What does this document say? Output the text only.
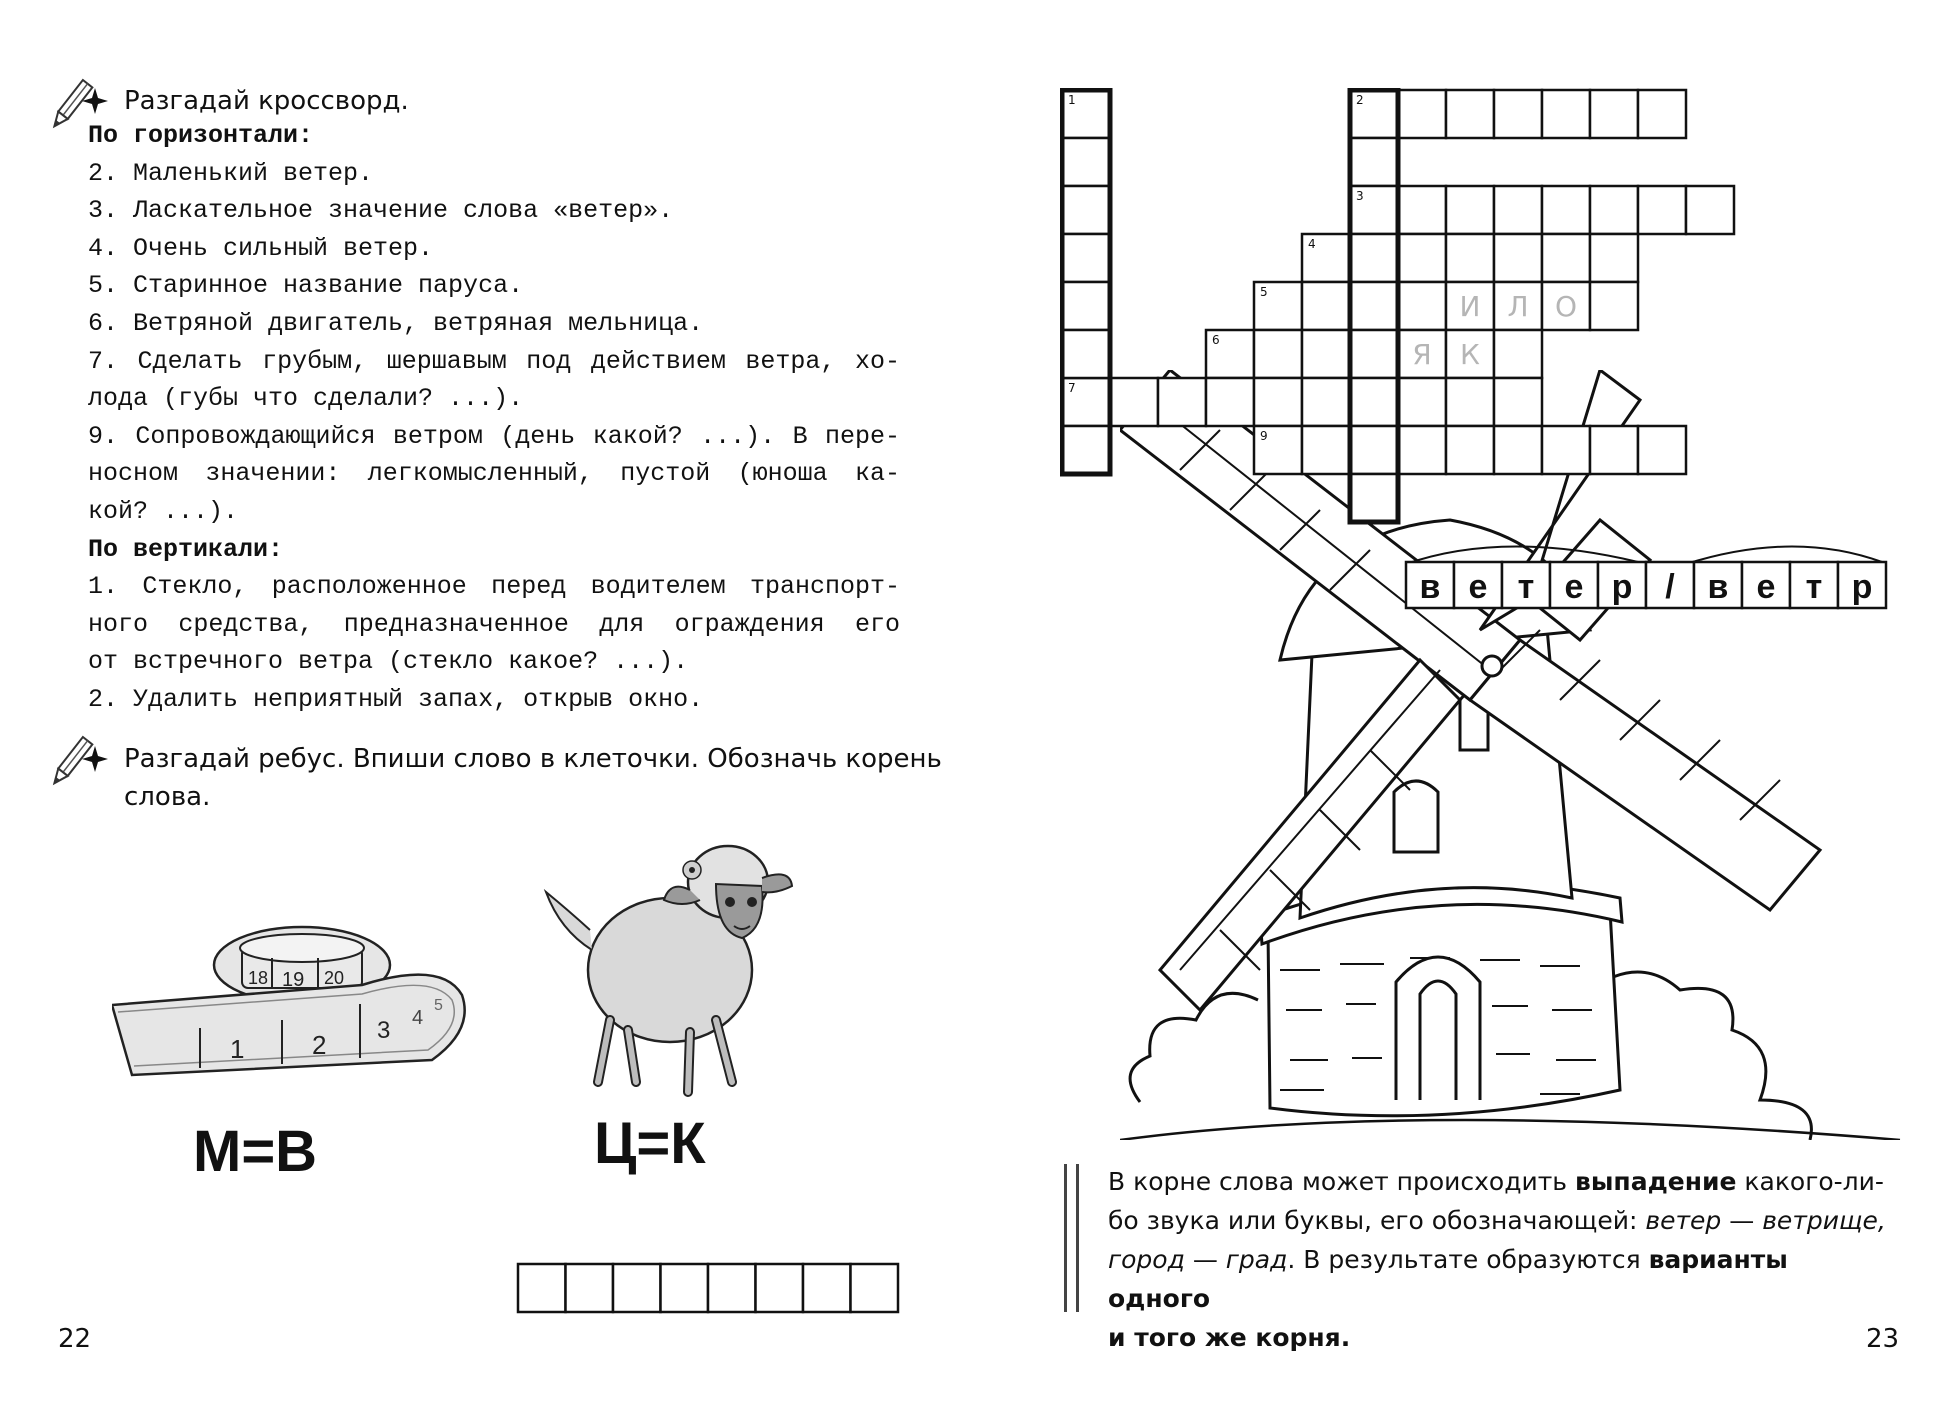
Разгадай кроссворд.
По горизонтали:
2. Маленький ветер.
3. Ласкательное значение слова «ветер».
4. Очень сильный ветер.
5. Старинное название паруса.
6. Ветряной двигатель, ветряная мельница.
7. Сделать грубым, шершавым под действием ветра, хо-
лода (губы что сделали? ...).
9. Сопровождающийся ветром (день какой? ...). В пере-
носном значении: легкомысленный, пустой (юноша ка-
кой? ...).
По вертикали:
1. Стекло, расположенное перед водителем транспорт-
ного средства, предназначенное для ограждения его
от встречного ветра (стекло какое? ...).
2. Удалить неприятный запах, открыв окно.
Разгадай ребус. Впиши слово в клеточки. Обозначь корень
слова.
1	2 3 4
5
18 19 20
М=В	Ц=К
22
1	2
3
4
5
6
7
9
И Л О
Я К
в е т е р / в е т р
В корне слова может происходить выпадение какого-ли-
бо звука или буквы, его обозначающей: ветер — ветрище,
город — град. В результате образуются варианты одного
и того же корня.	23
